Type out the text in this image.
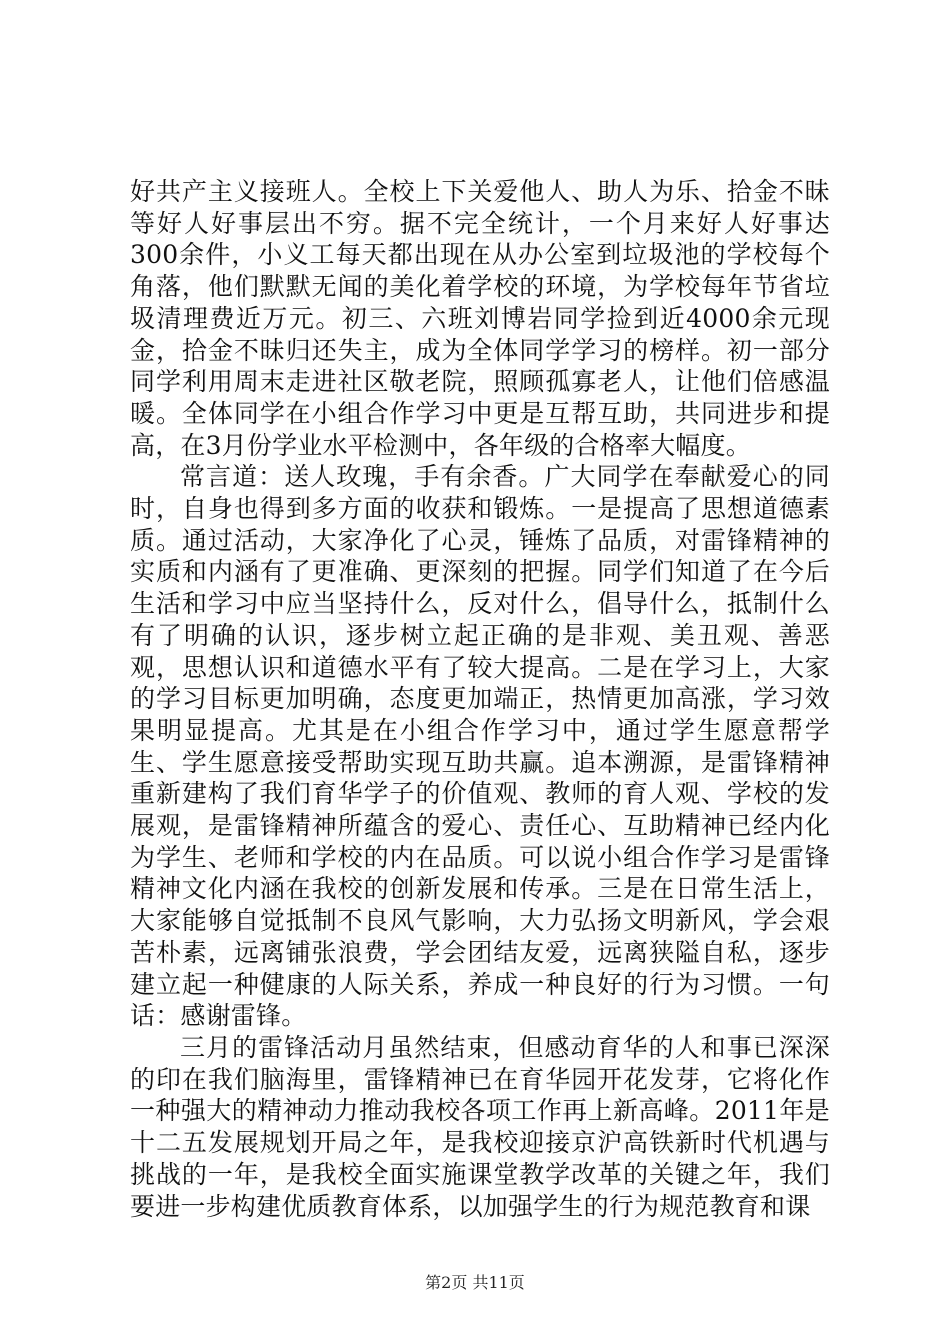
好共产主义接班人。全校上下关爱他人、助人为乐、拾金不昧等好人好事层出不穷。据不完全统计，一个月来好人好事达300余件，小义工每天都出现在从办公室到垃圾池的学校每个角落，他们默默无闻的美化着学校的环境，为学校每年节省垃圾清理费近万元。初三、六班刘博岩同学捡到近4000余元现金，拾金不昧归还失主，成为全体同学学习的榜样。初一部分同学利用周末走进社区敬老院，照顾孤寡老人，让他们倍感温暖。全体同学在小组合作学习中更是互帮互助，共同进步和提高，在3月份学业水平检测中，各年级的合格率大幅度。

常言道：送人玫瑰，手有余香。广大同学在奉献爱心的同时，自身也得到多方面的收获和锻炼。一是提高了思想道德素质。通过活动，大家净化了心灵，锤炼了品质，对雷锋精神的实质和内涵有了更准确、更深刻的把握。同学们知道了在今后生活和学习中应当坚持什么，反对什么，倡导什么，抵制什么有了明确的认识，逐步树立起正确的是非观、美丑观、善恶观，思想认识和道德水平有了较大提高。二是在学习上，大家的学习目标更加明确，态度更加端正，热情更加高涨，学习效果明显提高。尤其是在小组合作学习中，通过学生愿意帮学生、学生愿意接受帮助实现互助共赢。追本溯源，是雷锋精神重新建构了我们育华学子的价值观、教师的育人观、学校的发展观，是雷锋精神所蕴含的爱心、责任心、互助精神已经内化为学生、老师和学校的内在品质。可以说小组合作学习是雷锋精神文化内涵在我校的创新发展和传承。三是在日常生活上，大家能够自觉抵制不良风气影响，大力弘扬文明新风，学会艰苦朴素，远离铺张浪费，学会团结友爱，远离狭隘自私，逐步建立起一种健康的人际关系，养成一种良好的行为习惯。一句话：感谢雷锋。

三月的雷锋活动月虽然结束，但感动育华的人和事已深深的印在我们脑海里，雷锋精神已在育华园开花发芽，它将化作一种强大的精神动力推动我校各项工作再上新高峰。2011年是十二五发展规划开局之年，是我校迎接京沪高铁新时代机遇与挑战的一年，是我校全面实施课堂教学改革的关键之年，我们要进一步构建优质教育体系，以加强学生的行为规范教育和课

第2页 共11页
